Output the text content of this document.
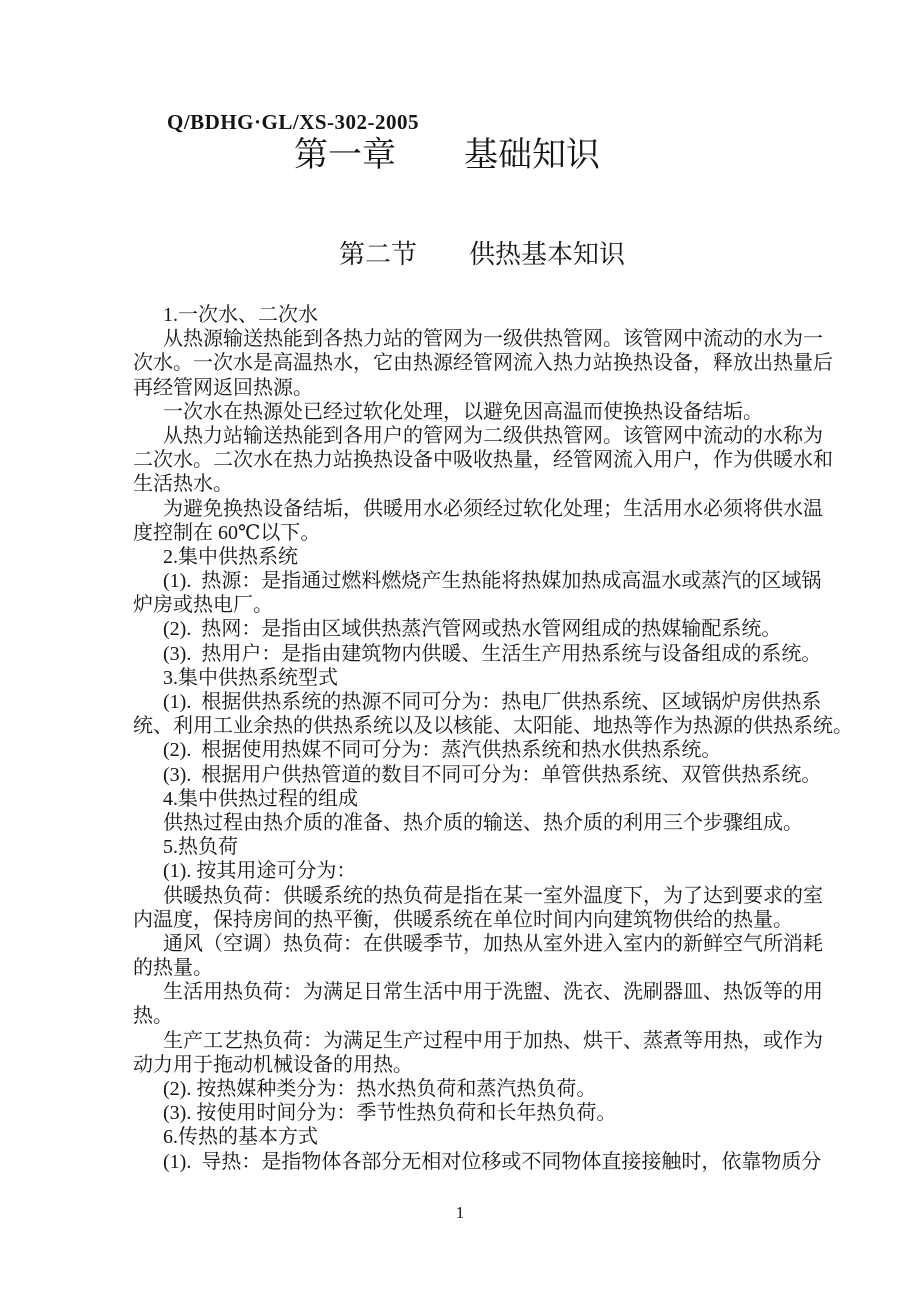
Q/BDHG·GL/XS-302-2005
第一章　　基础知识
第二节　　供热基本知识
1.一次水、二次水
从热源输送热能到各热力站的管网为一级供热管网。该管网中流动的水为一
次水。一次水是高温热水，它由热源经管网流入热力站换热设备，释放出热量后
再经管网返回热源。
一次水在热源处已经过软化处理，以避免因高温而使换热设备结垢。
从热力站输送热能到各用户的管网为二级供热管网。该管网中流动的水称为
二次水。二次水在热力站换热设备中吸收热量，经管网流入用户，作为供暖水和
生活热水。
为避免换热设备结垢，供暖用水必须经过软化处理；生活用水必须将供水温
度控制在 60℃以下。
2.集中供热系统
(1).  热源：是指通过燃料燃烧产生热能将热媒加热成高温水或蒸汽的区域锅
炉房或热电厂。
(2).  热网：是指由区域供热蒸汽管网或热水管网组成的热媒输配系统。
(3).  热用户：是指由建筑物内供暖、生活生产用热系统与设备组成的系统。
3.集中供热系统型式
(1).  根据供热系统的热源不同可分为：热电厂供热系统、区域锅炉房供热系
统、利用工业余热的供热系统以及以核能、太阳能、地热等作为热源的供热系统。
(2).  根据使用热媒不同可分为：蒸汽供热系统和热水供热系统。
(3).  根据用户供热管道的数目不同可分为：单管供热系统、双管供热系统。
4.集中供热过程的组成
供热过程由热介质的准备、热介质的输送、热介质的利用三个步骤组成。
5.热负荷
(1). 按其用途可分为：
供暖热负荷：供暖系统的热负荷是指在某一室外温度下，为了达到要求的室
内温度，保持房间的热平衡，供暖系统在单位时间内向建筑物供给的热量。
通风（空调）热负荷：在供暖季节，加热从室外进入室内的新鲜空气所消耗
的热量。
生活用热负荷：为满足日常生活中用于洗盥、洗衣、洗刷器皿、热饭等的用
热。
生产工艺热负荷：为满足生产过程中用于加热、烘干、蒸煮等用热，或作为
动力用于拖动机械设备的用热。
(2). 按热媒种类分为：热水热负荷和蒸汽热负荷。
(3). 按使用时间分为：季节性热负荷和长年热负荷。
6.传热的基本方式
(1).  导热：是指物体各部分无相对位移或不同物体直接接触时，依靠物质分
1
